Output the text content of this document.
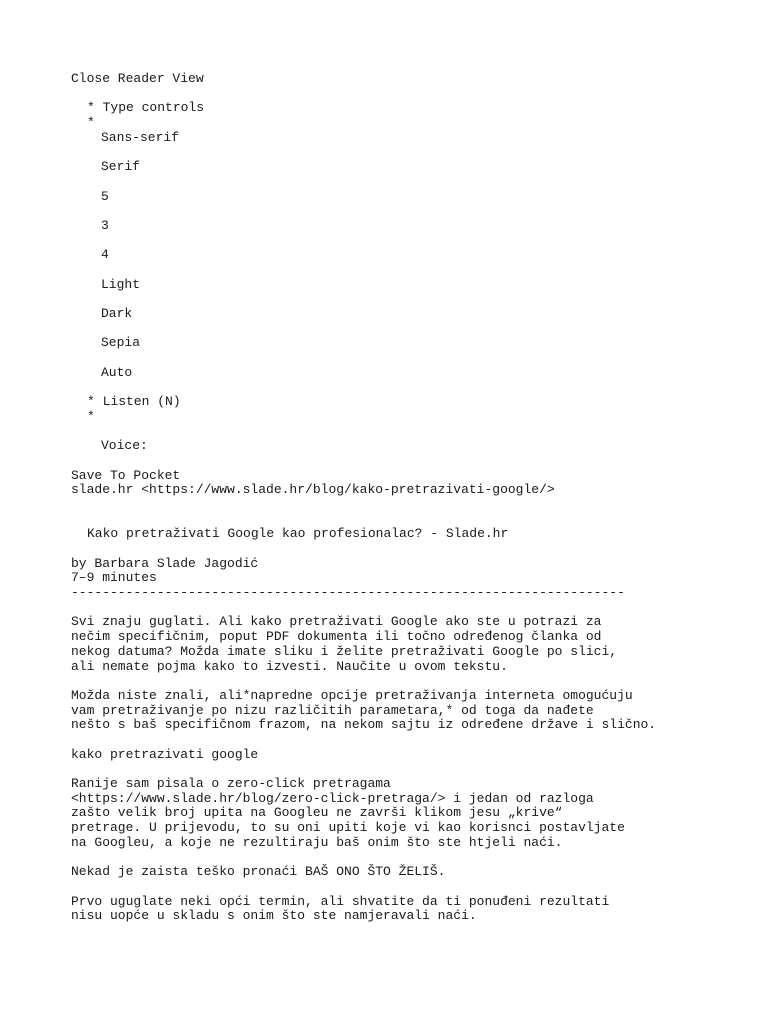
Close Reader View
* Type controls
*
Sans-serif
Serif
5
3
4
Light
Dark
Sepia
Auto
* Listen (N)
*
Voice:
Save To Pocket
slade.hr <https://www.slade.hr/blog/kako-pretrazivati-google/>
Kako pretraživati Google kao profesionalac? - Slade.hr
by Barbara Slade Jagodić
7–9 minutes
-----------------------------------------------------------------------
Svi znaju guglati. Ali kako pretraživati Google ako ste u potrazi za
nečim specifičnim, poput PDF dokumenta ili točno određenog članka od
nekog datuma? Možda imate sliku i želite pretraživati Google po slici,
ali nemate pojma kako to izvesti. Naučite u ovom tekstu.
Možda niste znali, ali*napredne opcije pretraživanja interneta omogućuju
vam pretraživanje po nizu različitih parametara,* od toga da nađete
nešto s baš specifičnom frazom, na nekom sajtu iz određene države i slično.
kako pretrazivati google
Ranije sam pisala o zero-click pretragama
<https://www.slade.hr/blog/zero-click-pretraga/> i jedan od razloga
zašto velik broj upita na Googleu ne završi klikom jesu „krive“
pretrage. U prijevodu, to su oni upiti koje vi kao korisnci postavljate
na Googleu, a koje ne rezultiraju baš onim što ste htjeli naći.
Nekad je zaista teško pronaći BAŠ ONO ŠTO ŽELIŠ.
Prvo uguglate neki opći termin, ali shvatite da ti ponuđeni rezultati
nisu uopće u skladu s onim što ste namjeravali naći.
